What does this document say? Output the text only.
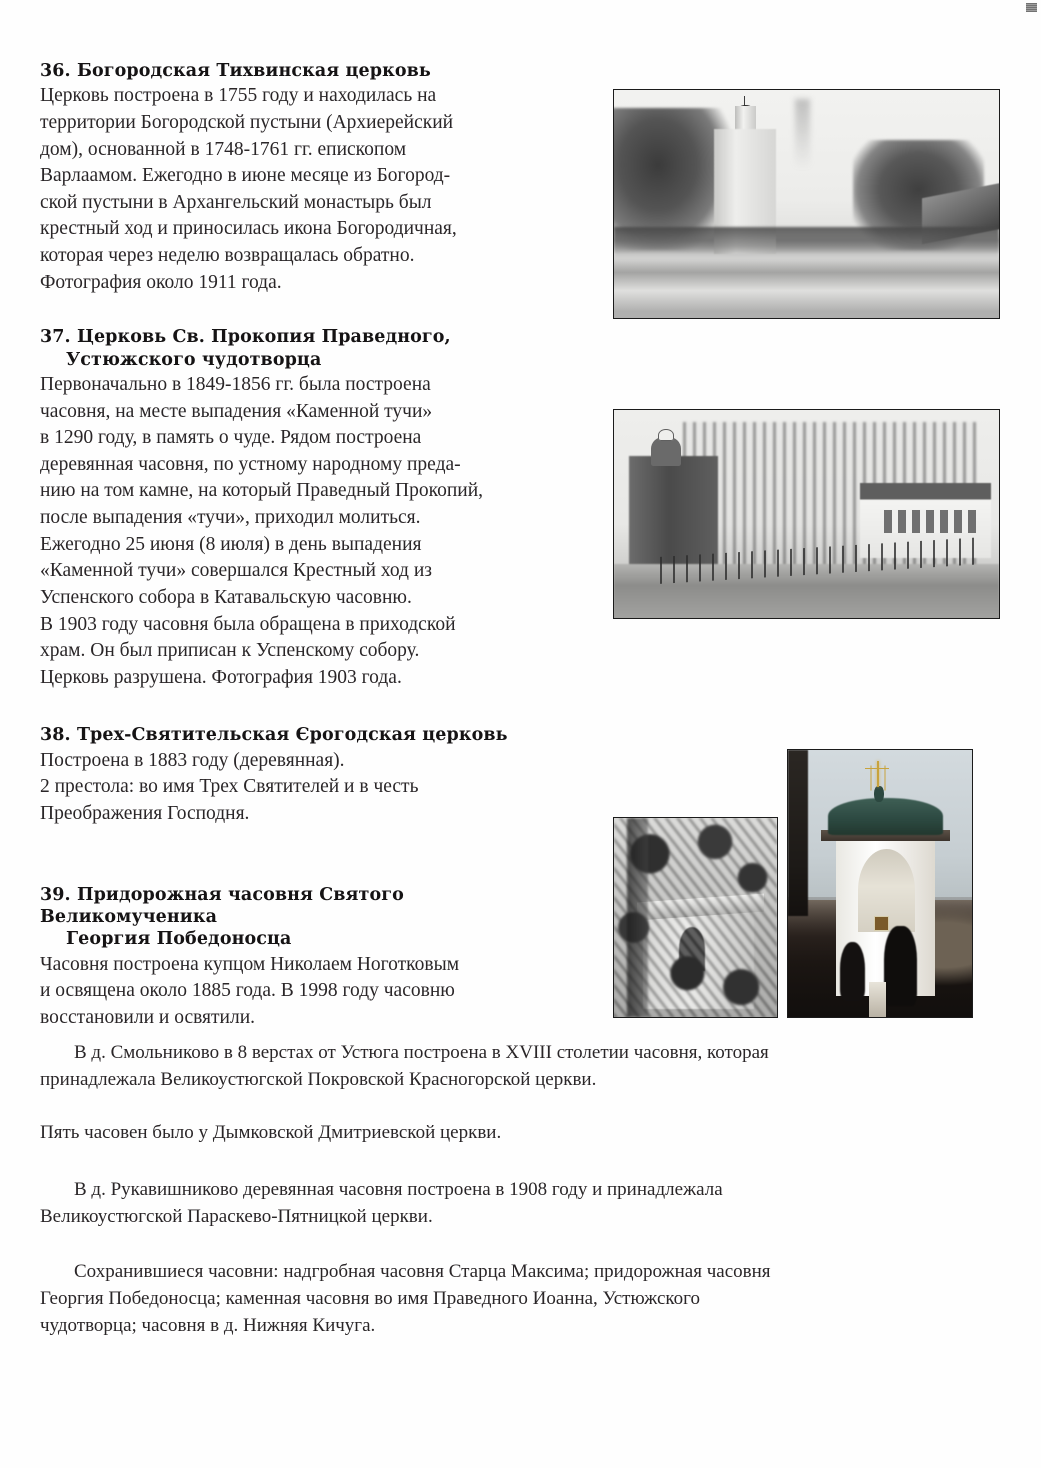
36. Богородская Тихвинская церковь

Церковь построена в 1755 году и находилась на
территории Богородской пустыни (Архиерейский
дом), основанной в 1748-1761 гг. епископом
Варлаамом. Ежегодно в июне месяце из Богород-
ской пустыни в Архангельский монастырь был
крестный ход и приносилась икона Богородичная,
которая через неделю возвращалась обратно.
Фотография около 1911 года.

37. Церковь Св. Прокопия Праведного,
Устюжского чудотворца

Первоначально в 1849-1856 гг. была построена
часовня, на месте выпадения «Каменной тучи»
в 1290 году, в память о чуде. Рядом построена
деревянная часовня, по устному народному преда-
нию на том камне, на который Праведный Прокопий,
после выпадения «тучи», приходил молиться.
Ежегодно 25 июня (8 июля) в день выпадения
«Каменной тучи» совершался Крестный ход из
Успенского собора в Катавальскую часовню.
В 1903 году часовня была обращена в приходской
храм. Он был приписан к Успенскому собору.
Церковь разрушена. Фотография 1903 года.

38. Трех-Святительская Єрогодская церковь

Построена в 1883 году (деревянная).
2 престола: во имя Трех Святителей и в честь
Преображения Господня.

39. Придорожная часовня Святого Великомученика
Георгия Победоносца

Часовня построена купцом Николаем Ноготковым
и освящена около 1885 года. В 1998 году часовню
восстановили и освятили.

В д. Смольниково в 8 верстах от Устюга построена в XVIII столетии часовня, которая
принадлежала Великоустюгской Покровской Красногорской церкви.

Пять часовен было у Дымковской Дмитриевской церкви.

В д. Рукавишниково деревянная часовня построена в 1908 году и принадлежала
Великоустюгской Параскево-Пятницкой церкви.

Сохранившиеся часовни: надгробная часовня Старца Максима; придорожная часовня
Георгия Победоносца; каменная часовня во имя Праведного Иоанна, Устюжского
чудотворца; часовня в д. Нижняя Кичуга.
